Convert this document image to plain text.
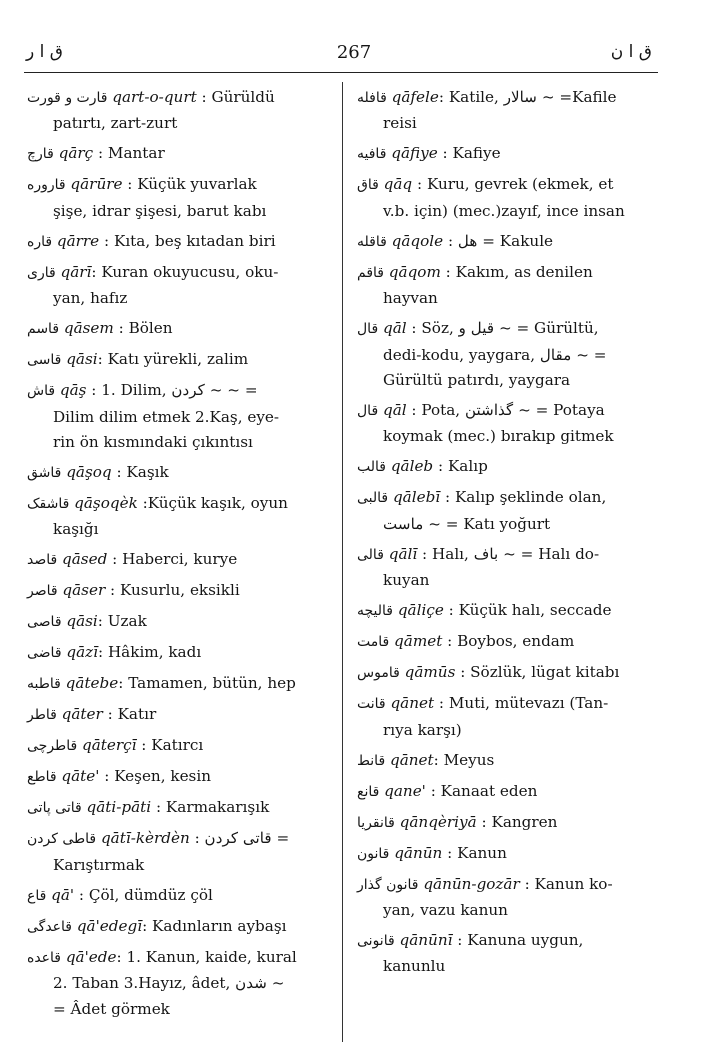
ق ا ر	267	ق ا ن
قارت و قورت qart-o-qurt : Gürüldü
patırtı, zart-zurt
قارچ qārç : Mantar
قارورە qārūre : Küçük yuvarlak
şişe, idrar şişesi, barut kabı
قارە qārre : Kıta, beş kıtadan biri
قاری qārī: Kuran okuyucusu, oku-
yan, hafız
قاسم qāsem : Bölen
قاسی qāsi: Katı yürekli, zalim
قاش qāş : 1. Dilim, کردن ~ ~ =
Dilim dilim etmek 2.Kaş, eye-
rin ön kısmındaki çıkıntısı
قاشق qāşoq : Kaşık
قاشقک qāşoqèk :Küçük kaşık, oyun
kaşığı
قاصد qāsed : Haberci, kurye
قاصر qāser : Kusurlu, eksikli
قاصی qāsi: Uzak
قاضی qāzī: Hâkim, kadı
قاطبە qātebe: Tamamen, bütün, hep
قاطر qāter : Katır
قاطرچی qāterçī : Katırcı
قاطع qāte' : Keşen, kesin
قاتی پاتی qāti-pāti : Karmakarışık
قاطی کردن qātī-kèrdèn : قاتی کردن =
Karıştırmak
قاع qā' : Çöl, dümdüz çöl
قاعدگی qā'edegī: Kadınların aybaşı
قاعدە qā'ede: 1. Kanun, kaide, kural
2. Taban 3.Hayız, âdet, شدن ~
= Âdet görmek
قافلە qāfele: Katile, سالار ~ =Kafile
reisi
قافیە qāfiye : Kafiye
قاق qāq : Kuru, gevrek (ekmek, et
v.b. için) (mec.)zayıf, ince insan
قاقلە qāqole : هل = Kakule
قاقم qāqom : Kakım, as denilen
hayvan
قال qāl : Söz, قیل و ~ = Gürültü,
dedi-kodu, yaygara, مقال ~ =
Gürültü patırdı, yaygara
قال qāl : Pota, گذاشتن ~ = Potaya
koymak (mec.) bırakıp gitmek
قالب qāleb : Kalıp
قالبی qālebī : Kalıp şeklinde olan,
ماست ~ = Katı yoğurt
قالی qālī : Halı, باف ~ = Halı do-
kuyan
قالیچە qāliçe : Küçük halı, seccade
قامت qāmet : Boybos, endam
قاموس qāmūs : Sözlük, lügat kitabı
قانت qānet : Muti, mütevazı (Tan-
rıya karşı)
قانط qānet: Meyus
قانع qane' : Kanaat eden
قانقریا qānqèriyā : Kangren
قانون qānūn : Kanun
قانون گذار qānūn-gozār : Kanun ko-
yan, vazu kanun
قانونی qānūnī : Kanuna uygun,
kanunlu
